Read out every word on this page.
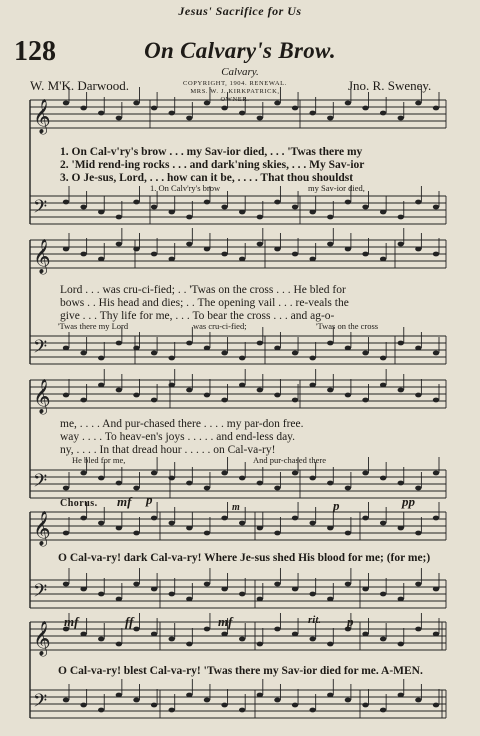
Jesus' Sacrifice for Us
128	On Calvary's Brow.
Calvary.
W. M'K. Darwood.	Jno. R. Sweney.
COPYRIGHT, 1904. RENEWAL.
MRS. W. J. KIRKPATRICK, OWNER.
𝄞
𝄢
𝄞
𝄢
𝄞
𝄢
𝄞
𝄢
𝄞
𝄢
1. On Cal-v'ry's brow . . . my Sav-ior died, . . . 'Twas there my
2. 'Mid rend-ing rocks . . . and dark'ning skies, . . . My Sav-ior
3. O Je-sus, Lord, . . . how can it be, . . . . That thou shouldst
1. On Calv'ry's brow	my Sav-ior died,
Lord . . . was cru-ci-fied; . . 'Twas on the cross . . . He bled for
bows . . His head and dies; . . The opening vail . . . re-veals the
give . . . Thy life for me, . . . To bear the cross . . . and ag-o-
'Twas there my Lord	was cru-ci-fied;	'Twas on the cross
me, . . . . And pur-chased there . . . . my par-don free.
way . . . . To heav-en's joys . . . . . and end-less day.
ny, . . . . In that dread hour . . . . . on Cal-va-ry!
He bled for me,	And pur-chased there
Chorus. mf p
m	p	pp
O Cal-va-ry! dark Cal-va-ry! Where Je-sus shed His blood for me; (for me;)
mf	ff	mf	rit. p
O Cal-va-ry! blest Cal-va-ry! 'Twas there my Sav-ior died for me. A-MEN.
